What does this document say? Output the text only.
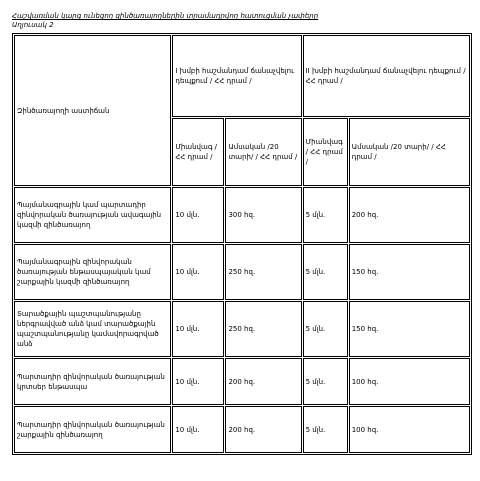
Հաշվառման կարգ ունեցող զինծառայողներին տրամադրվող հատուցման չափերը
Աղյուսակ 2
Զինծառայողի աստիճան	I խմբի հաշմանդամ ճանաչվելու դեպքում / ՀՀ դրամ /		II խմբի հաշմանդամ ճանաչվելու դեպքում / ՀՀ դրամ /	
	Միանվագ / ՀՀ դրամ /	Ամսական /20 տարի/ / ՀՀ դրամ /	Միանվագ / ՀՀ դրամ /	Ամսական /20 տարի/ / ՀՀ դրամ /
Պայմանագրային կամ պարտադիր զինվորական ծառայության ավագային կազմի զինծառայող	10 մլն.	300 հզ.	5 մլն.	200 հզ.
Պայմանագրային զինվորական ծառայության ենթասպայական կամ շարքային կազմի զինծառայող	10 մլն.	250 հզ.	5 մլն.	150 հզ.
Տարածքային պաշտպանությանը ներգրավված անձ կամ տարածքային պաշտպանությանը կամավորագրված անձ	10 մլն.	250 հզ.	5 մլն.	150 հզ.
Պարտադիր զինվորական ծառայության կրտսեր ենթասպա	10 մլն.	200 հզ.	5 մլն.	100 հզ.
Պարտադիր զինվորական ծառայության շարքային զինծառայող	10 մլն.	200 հզ.	5 մլն.	100 հզ.
